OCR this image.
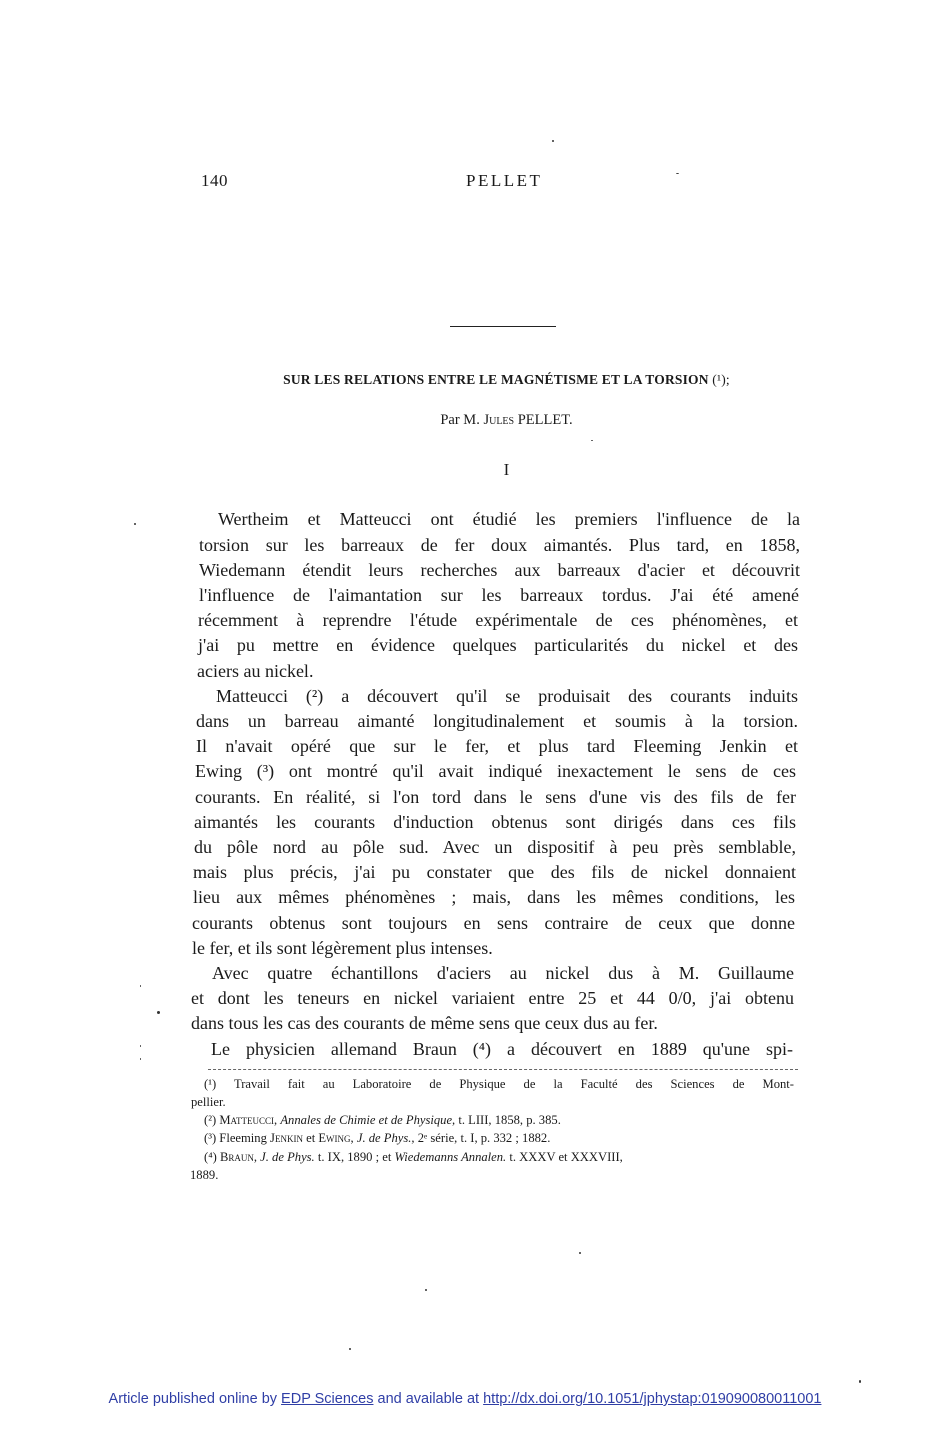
140	PELLET
SUR LES RELATIONS ENTRE LE MAGNÉTISME ET LA TORSION (¹);
Par M. Jules PELLET.
I
Wertheim et Matteucci ont étudié les premiers l'influence de la
torsion sur les barreaux de fer doux aimantés. Plus tard, en 1858,
Wiedemann étendit leurs recherches aux barreaux d'acier et découvrit
l'influence de l'aimantation sur les barreaux tordus. J'ai été amené
récemment à reprendre l'étude expérimentale de ces phénomènes, et
j'ai pu mettre en évidence quelques particularités du nickel et des
aciers au nickel.
Matteucci (²) a découvert qu'il se produisait des courants induits
dans un barreau aimanté longitudinalement et soumis à la torsion.
Il n'avait opéré que sur le fer, et plus tard Fleeming Jenkin et
Ewing (³) ont montré qu'il avait indiqué inexactement le sens de ces
courants. En réalité, si l'on tord dans le sens d'une vis des fils de fer
aimantés les courants d'induction obtenus sont dirigés dans ces fils
du pôle nord au pôle sud. Avec un dispositif à peu près semblable,
mais plus précis, j'ai pu constater que des fils de nickel donnaient
lieu aux mêmes phénomènes ; mais, dans les mêmes conditions, les
courants obtenus sont toujours en sens contraire de ceux que donne
le fer, et ils sont légèrement plus intenses.
Avec quatre échantillons d'aciers au nickel dus à M. Guillaume
et dont les teneurs en nickel variaient entre 25 et 44 0/0, j'ai obtenu
dans tous les cas des courants de même sens que ceux dus au fer.
Le physicien allemand Braun (⁴) a découvert en 1889 qu'une spi-
(¹) Travail fait au Laboratoire de Physique de la Faculté des Sciences de Mont-
pellier.
(²) Matteucci, Annales de Chimie et de Physique, t. LIII, 1858, p. 385.
(³) Fleeming Jenkin et Ewing, J. de Phys., 2ᵉ série, t. I, p. 332 ; 1882.
(⁴) Braun, J. de Phys. t. IX, 1890 ; et Wiedemanns Annalen. t. XXXV et XXXVIII,
1889.
Article published online by EDP Sciences and available at http://dx.doi.org/10.1051/jphystap:019090080011001
